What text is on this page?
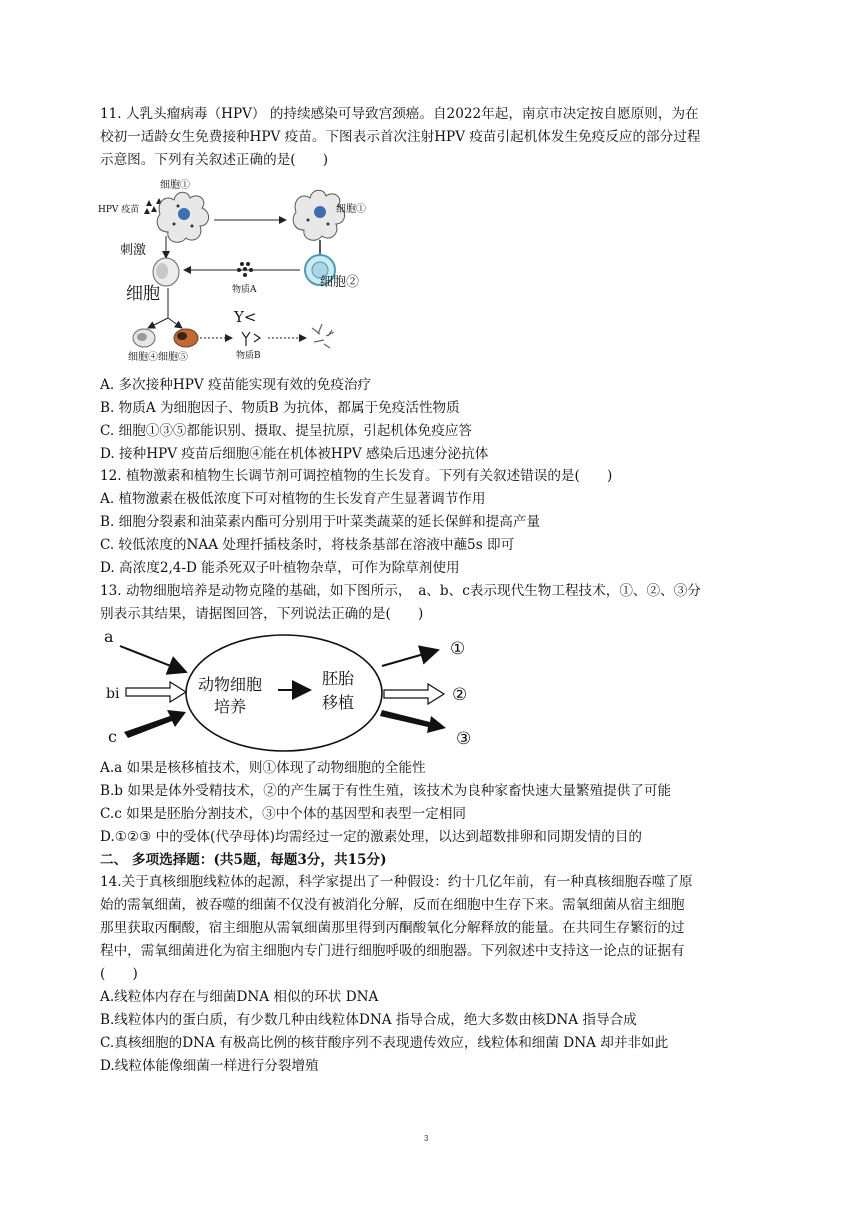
11. 人乳头瘤病毒（HPV） 的持续感染可导致宫颈癌。自2022年起，南京市决定按自愿原则，为在
校初一适龄女生免费接种HPV 疫苗。下图表示首次注射HPV 疫苗引起机体发生免疫反应的部分过程
示意图。下列有关叙述正确的是(　　)
HPV 疫苗
细胞①
细胞①
细胞②
物质A
刺激
细胞
细胞④细胞⑤
Y<
物质B
A. 多次接种HPV 疫苗能实现有效的免疫治疗
B. 物质A 为细胞因子、物质B 为抗体，都属于免疫活性物质
C. 细胞①③⑤都能识别、摄取、提呈抗原，引起机体免疫应答
D. 接种HPV 疫苗后细胞④能在机体被HPV 感染后迅速分泌抗体
12. 植物激素和植物生长调节剂可调控植物的生长发育。下列有关叙述错误的是(　　)
A. 植物激素在极低浓度下可对植物的生长发育产生显著调节作用
B. 细胞分裂素和油菜素内酯可分别用于叶菜类蔬菜的延长保鲜和提高产量
C. 较低浓度的NAA 处理扦插枝条时，将枝条基部在溶液中蘸5s 即可
D. 高浓度2,4-D 能杀死双子叶植物杂草，可作为除草剂使用
13. 动物细胞培养是动物克隆的基础，如下图所示，　a、b、c表示现代生物工程技术，①、②、③分
别表示其结果，请据图回答，下列说法正确的是(　　)
a
bi
c
动物细胞
培养
胚胎
移植
①
②
③
A.a 如果是核移植技术，则①体现了动物细胞的全能性
B.b 如果是体外受精技术，②的产生属于有性生殖，该技术为良种家畜快速大量繁殖提供了可能
C.c 如果是胚胎分割技术，③中个体的基因型和表型一定相同
D.①②③ 中的受体(代孕母体)均需经过一定的激素处理，以达到超数排卵和同期发情的目的
二、 多项选择题：(共5题，每题3分，共15分)
14.关于真核细胞线粒体的起源，科学家提出了一种假设：约十几亿年前，有一种真核细胞吞噬了原
始的需氧细菌，被吞噬的细菌不仅没有被消化分解，反而在细胞中生存下来。需氧细菌从宿主细胞
那里获取丙酮酸，宿主细胞从需氧细菌那里得到丙酮酸氧化分解释放的能量。在共同生存繁衍的过
程中，需氧细菌进化为宿主细胞内专门进行细胞呼吸的细胞器。下列叙述中支持这一论点的证据有
(　　)
A.线粒体内存在与细菌DNA 相似的环状 DNA
B.线粒体内的蛋白质，有少数几种由线粒体DNA 指导合成，绝大多数由核DNA 指导合成
C.真核细胞的DNA 有极高比例的核苷酸序列不表现遗传效应，线粒体和细菌 DNA 却并非如此
D.线粒体能像细菌一样进行分裂增殖
3
